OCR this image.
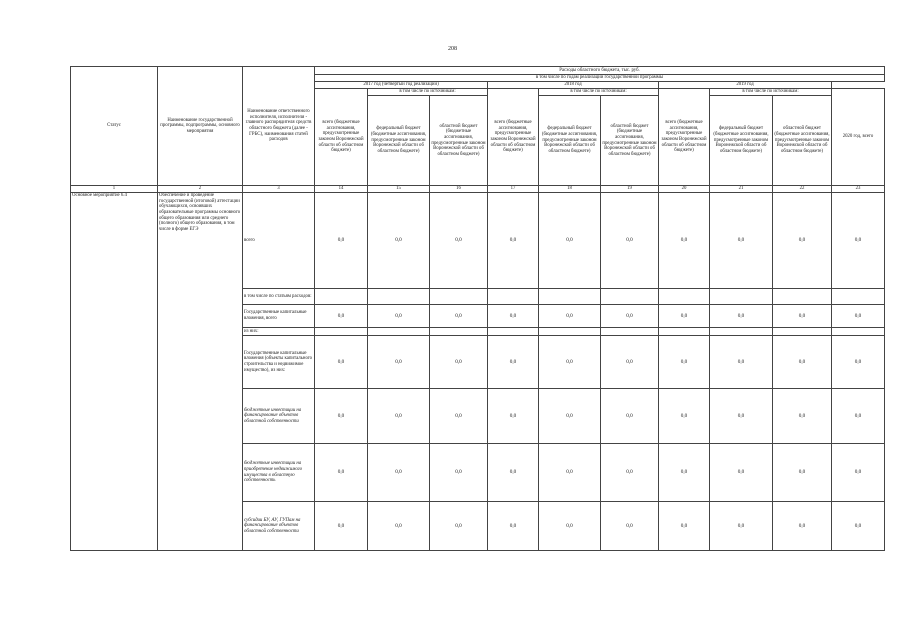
208
Статус	Наименование государственной программы, подпрограммы, основного мероприятия	Наименование ответственного исполнителя, исполнителя - главного распорядителя средств областного бюджета (далее - ГРБС), наименования статей расходов	Расходы областного бюджета, тыс. руб.									
			в том числе по годам реализации государственной программы									
			2017 год (четвертый год реализации)			2018 год			2019 год			
			всего (бюджетные ассигнования, предусмотренные законом Воронежской области об областном бюджете)	в том числе по источникам:		всего (бюджетные ассигнования, предусмотренные законом Воронежской области об областном бюджете)	в том числе по источникам:		всего (бюджетные ассигнования, предусмотренные законом Воронежской области об областном бюджете)	в том числе по источникам:		2020 год, всего
				федеральный бюджет (бюджетные ассигнования, предусмотренные законом Воронежской области об областном бюджете)	областной бюджет (бюджетные ассигнования, предусмотренные законом Воронежской области об областном бюджете)		федеральный бюджет (бюджетные ассигнования, предусмотренные законом Воронежской области об областном бюджете)	областной бюджет (бюджетные ассигнования, предусмотренные законом Воронежской области об областном бюджете)		федеральный бюджет (бюджетные ассигнования, предусмотренные законом Воронежской области об областном бюджете)	областной бюджет (бюджетные ассигнования, предусмотренные законом Воронежской области об областном бюджете)	
1	2	3	14	15	16	17	18	19	20	21	22	23
Основное мероприятие 6.4	Обеспечение и проведение государственной (итоговой) аттестации обучающихся, освоивших образовательные программы основного общего образования или среднего (полного) общего образования, в том числе в форме ЕГЭ	всего	0,0	0,0	0,0	0,0	0,0	0,0	0,0	0,0	0,0	0,0
		в том числе по статьям расходов:										
		Государственные капитальные вложения, всего	0,0	0,0	0,0	0,0	0,0	0,0	0,0	0,0	0,0	0,0
		из них:										
		Государственные капитальные вложения (объекты капитального строительства и недвижимое имущество), из них:	0,0	0,0	0,0	0,0	0,0	0,0	0,0	0,0	0,0	0,0
		бюджетные инвестиции на финансирование объектов областной собственности	0,0	0,0	0,0	0,0	0,0	0,0	0,0	0,0	0,0	0,0
		бюджетные инвестиции на приобретение недвижимого имущества в областную собственность	0,0	0,0	0,0	0,0	0,0	0,0	0,0	0,0	0,0	0,0
		субсидии БУ, АУ, ГУПам на финансирование объектов областной собственности	0,0	0,0	0,0	0,0	0,0	0,0	0,0	0,0	0,0	0,0
